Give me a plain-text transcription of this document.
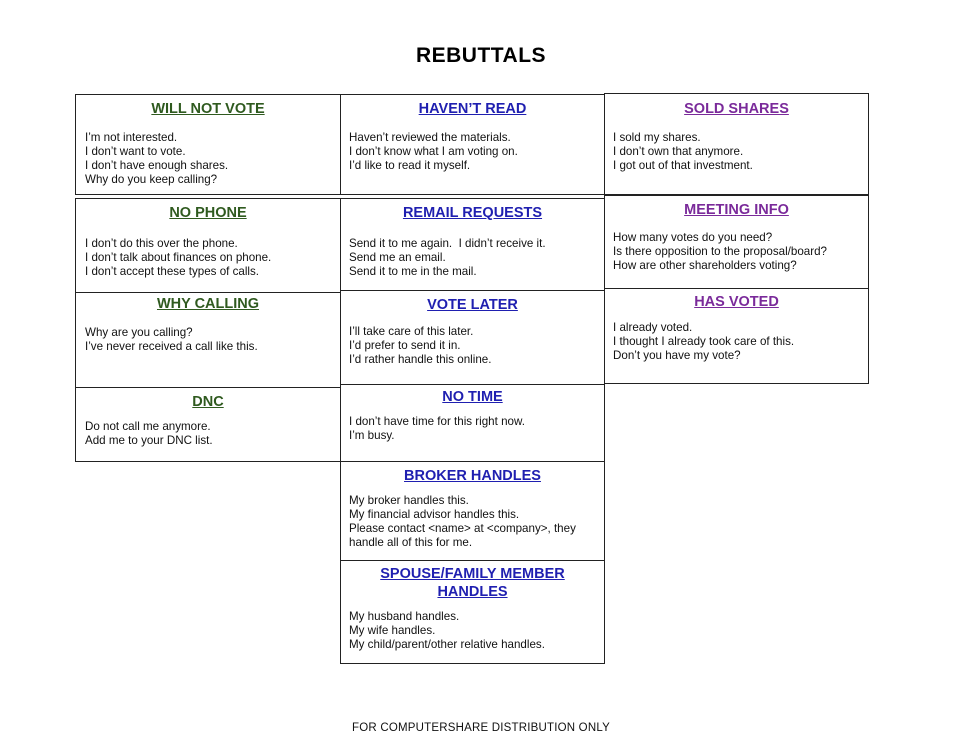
REBUTTALS
WILL NOT VOTE
I’m not interested.
I don’t want to vote.
I don’t have enough shares.
Why do you keep calling?
NO PHONE
I don’t do this over the phone.
I don’t talk about finances on phone.
I don’t accept these types of calls.
WHY CALLING
Why are you calling?
I’ve never received a call like this.
DNC
Do not call me anymore.
Add me to your DNC list.
HAVEN’T READ
Haven’t reviewed the materials.
I don’t know what I am voting on.
I’d like to read it myself.
REMAIL REQUESTS
Send it to me again.  I didn’t receive it.
Send me an email.
Send it to me in the mail.
VOTE LATER
I’ll take care of this later.
I’d prefer to send it in.
I’d rather handle this online.
NO TIME
I don’t have time for this right now.
I’m busy.
BROKER HANDLES
My broker handles this.
My financial advisor handles this.
Please contact <name> at <company>, they
handle all of this for me.
SPOUSE/FAMILY MEMBER
HANDLES
My husband handles.
My wife handles.
My child/parent/other relative handles.
SOLD SHARES
I sold my shares.
I don’t own that anymore.
I got out of that investment.
MEETING INFO
How many votes do you need?
Is there opposition to the proposal/board?
How are other shareholders voting?
HAS VOTED
I already voted.
I thought I already took care of this.
Don’t you have my vote?
FOR COMPUTERSHARE DISTRIBUTION ONLY
